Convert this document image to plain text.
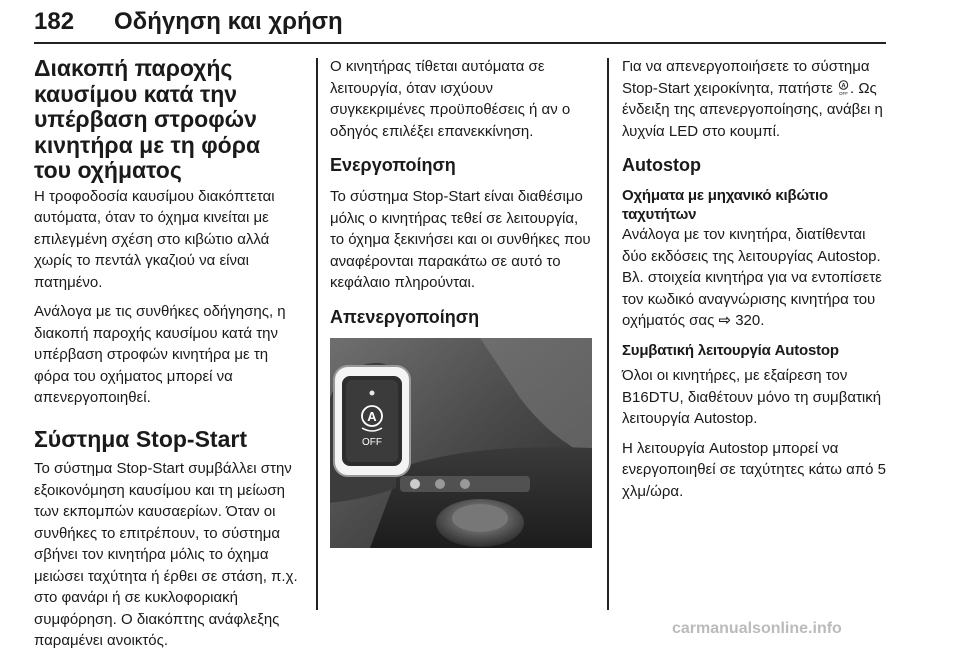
182 Οδήγηση και χρήση
Διακοπή παροχής καυσίμου κατά την υπέρβαση στροφών κινητήρα με τη φόρα του οχήματος

Η τροφοδοσία καυσίμου διακόπτεται αυτόματα, όταν το όχημα κινείται με επιλεγμένη σχέση στο κιβώτιο αλλά χωρίς το πεντάλ γκαζιού να είναι πατημένο.

Ανάλογα με τις συνθήκες οδήγησης, η διακοπή παροχής καυσίμου κατά την υπέρβαση στροφών κινητήρα με τη φόρα του οχήματος μπορεί να απενεργοποιηθεί.

Σύστημα Stop-Start

Το σύστημα Stop-Start συμβάλλει στην εξοικονόμηση καυσίμου και τη μείωση των εκπομπών καυσαερίων. Όταν οι συνθήκες το επιτρέπουν, το σύστημα σβήνει τον κινητήρα μόλις το όχημα μειώσει ταχύτητα ή έρθει σε στάση, π.χ. στο φανάρι ή σε κυκλοφοριακή συμφόρηση. Ο διακόπτης ανάφλεξης παραμένει ανοικτός.

Ο κινητήρας τίθεται αυτόματα σε λειτουργία, όταν ισχύουν συγκεκριμένες προϋποθέσεις ή αν ο οδηγός επιλέξει επανεκκίνηση.

Ενεργοποίηση

Το σύστημα Stop-Start είναι διαθέσιμο μόλις ο κινητήρας τεθεί σε λειτουργία, το όχημα ξεκινήσει και οι συνθήκες που αναφέρονται παρακάτω σε αυτό το κεφάλαιο πληρούνται.

Απενεργοποίηση
A
OFF

Για να απενεργοποιήσετε το σύστημα Stop-Start χειροκίνητα, πατήστε A
OFF . Ως ένδειξη της απενεργοποίησης, ανάβει η λυχνία LED στο κουμπί.

Autostop
Οχήματα με μηχανικό κιβώτιο ταχυτήτων

Ανάλογα με τον κινητήρα, διατίθενται δύο εκδόσεις της λειτουργίας Autostop. Βλ. στοιχεία κινητήρα για να εντοπίσετε τον κωδικό αναγνώρισης κινητήρα του οχήματός σας ⇨ 320.

Συμβατική λειτουργία Autostop

Όλοι οι κινητήρες, με εξαίρεση τον B16DTU, διαθέτουν μόνο τη συμβατική λειτουργία Autostop.

Η λειτουργία Autostop μπορεί να ενεργοποιηθεί σε ταχύτητες κάτω από 5 χλμ/ώρα.

carmanualsonline.info
